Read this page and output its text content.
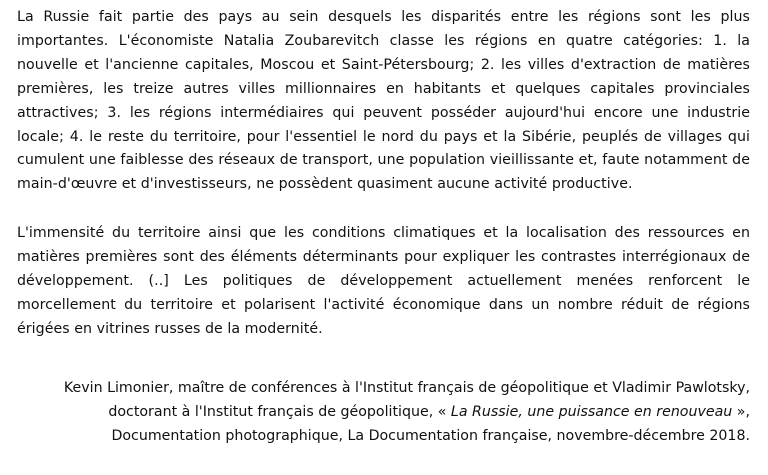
La Russie fait partie des pays au sein desquels les disparités entre les régions sont les plus importantes. L'économiste Natalia Zoubarevitch classe les régions en quatre catégories: 1. la nouvelle et l'ancienne capitales, Moscou et Saint-Pétersbourg; 2. les villes d'extraction de matières premières, les treize autres villes millionnaires en habitants et quelques capitales provinciales attractives; 3. les régions intermédiaires qui peuvent posséder aujourd'hui encore une industrie locale; 4. le reste du territoire, pour l'essentiel le nord du pays et la Sibérie, peuplés de villages qui cumulent une faiblesse des réseaux de transport, une population vieillissante et, faute notamment de main-d'œuvre et d'investisseurs, ne possèdent quasiment aucune activité productive.

L'immensité du territoire ainsi que les conditions climatiques et la localisation des ressources en matières premières sont des éléments déterminants pour expliquer les contrastes interrégionaux de développement. (..] Les politiques de développement actuellement menées renforcent le morcellement du territoire et polarisent l'activité économique dans un nombre réduit de régions érigées en vitrines russes de la modernité.

Kevin Limonier, maître de conférences à l'Institut français de géopolitique et Vladimir Pawlotsky, doctorant à l'Institut français de géopolitique, « La Russie, une puissance en renouveau », Documentation photographique, La Documentation française, novembre-décembre 2018.
